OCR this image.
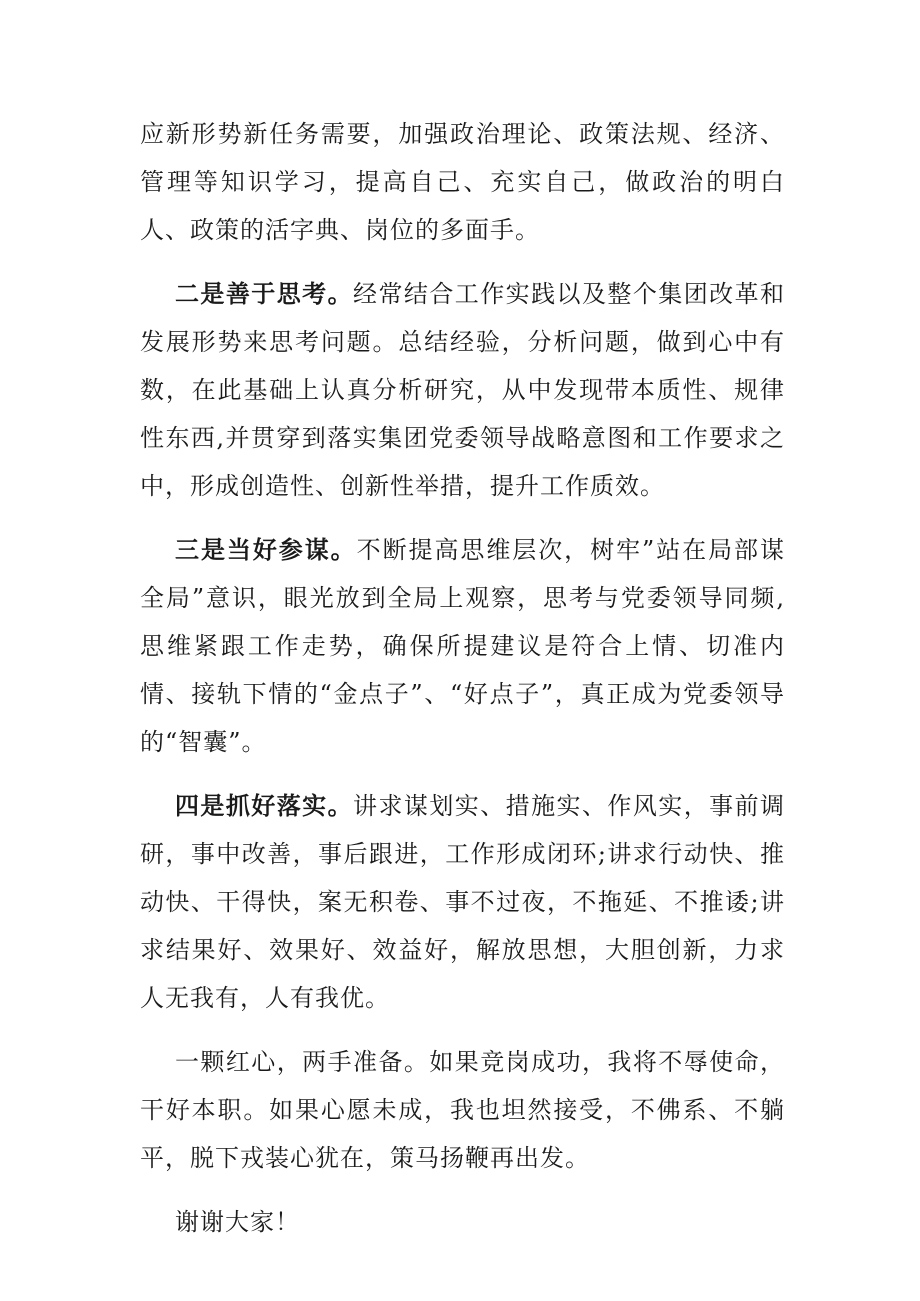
应新形势新任务需要，加强政治理论、政策法规、经济、管理等知识学习，提高自己、充实自己，做政治的明白人、政策的活字典、岗位的多面手。

二是善于思考。经常结合工作实践以及整个集团改革和发展形势来思考问题。总结经验，分析问题，做到心中有数，在此基础上认真分析研究，从中发现带本质性、规律性东西,并贯穿到落实集团党委领导战略意图和工作要求之中，形成创造性、创新性举措，提升工作质效。

三是当好参谋。不断提高思维层次，树牢”站在局部谋全局”意识，眼光放到全局上观察，思考与党委领导同频,思维紧跟工作走势，确保所提建议是符合上情、切准内情、接轨下情的“金点子”、“好点子”，真正成为党委领导的“智囊”。

四是抓好落实。讲求谋划实、措施实、作风实，事前调研，事中改善，事后跟进，工作形成闭环;讲求行动快、推动快、干得快，案无积卷、事不过夜，不拖延、不推诿;讲求结果好、效果好、效益好，解放思想，大胆创新，力求人无我有，人有我优。

一颗红心，两手准备。如果竞岗成功，我将不辱使命，干好本职。如果心愿未成，我也坦然接受，不佛系、不躺平，脱下戎装心犹在，策马扬鞭再出发。

谢谢大家！
